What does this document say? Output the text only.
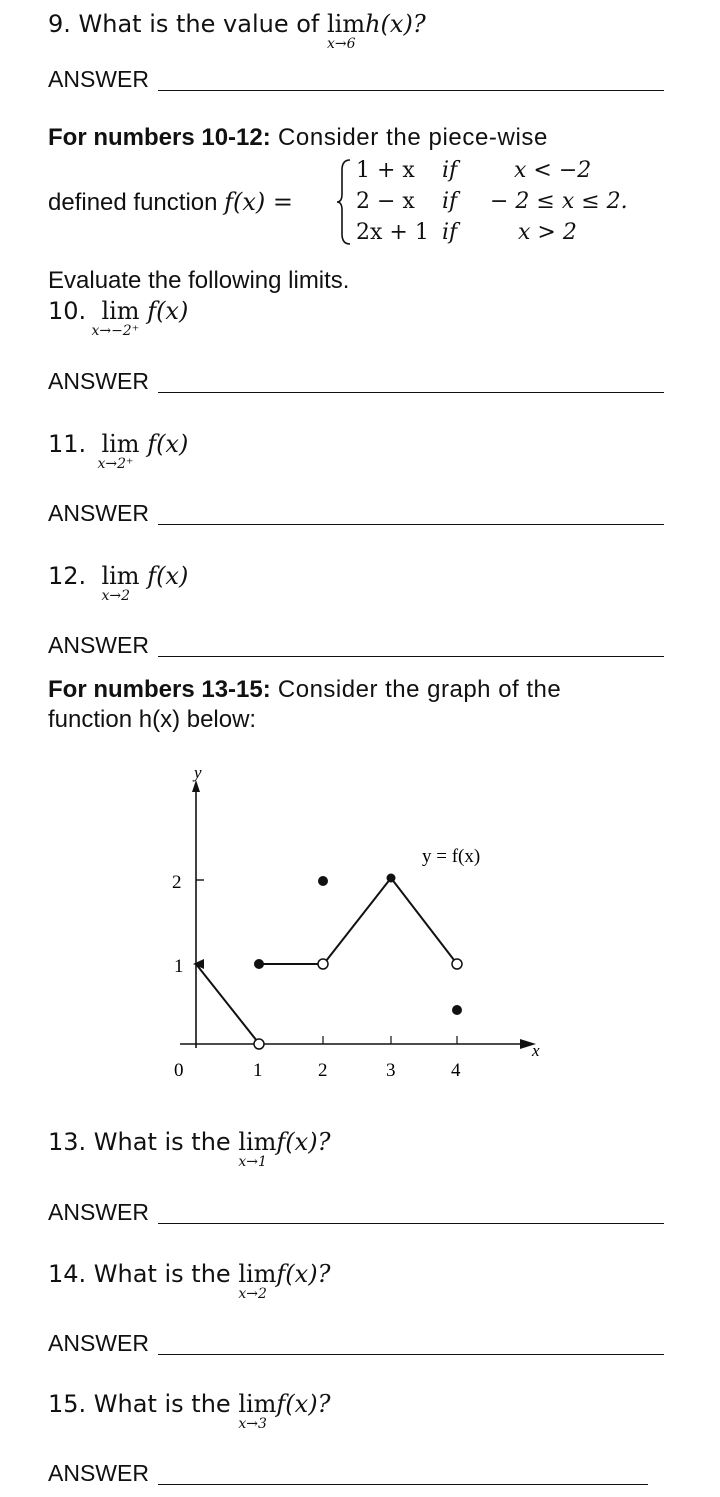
9. What is the value of lim
x→6
h(x)?
ANSWER
For numbers 10-12: Consider the piece-wise
defined function f(x) =
1 + x if	x < −2
2 − x if − 2 ≤ x ≤ 2.
2x + 1 if	x > 2
Evaluate the following limits.
10. lim
x→−2⁺
f(x)
ANSWER
11. lim
x→2⁺
f(x)
ANSWER
12. lim
x→2
f(x)
ANSWER
For numbers 13-15: Consider the graph of the
function h(x) below:
y
x
2
1
0	1	2	3	4
y = f(x)
13. What is the lim
x→1
f(x)?
ANSWER
14. What is the lim
x→2
f(x)?
ANSWER
15. What is the lim
x→3
f(x)?
ANSWER
